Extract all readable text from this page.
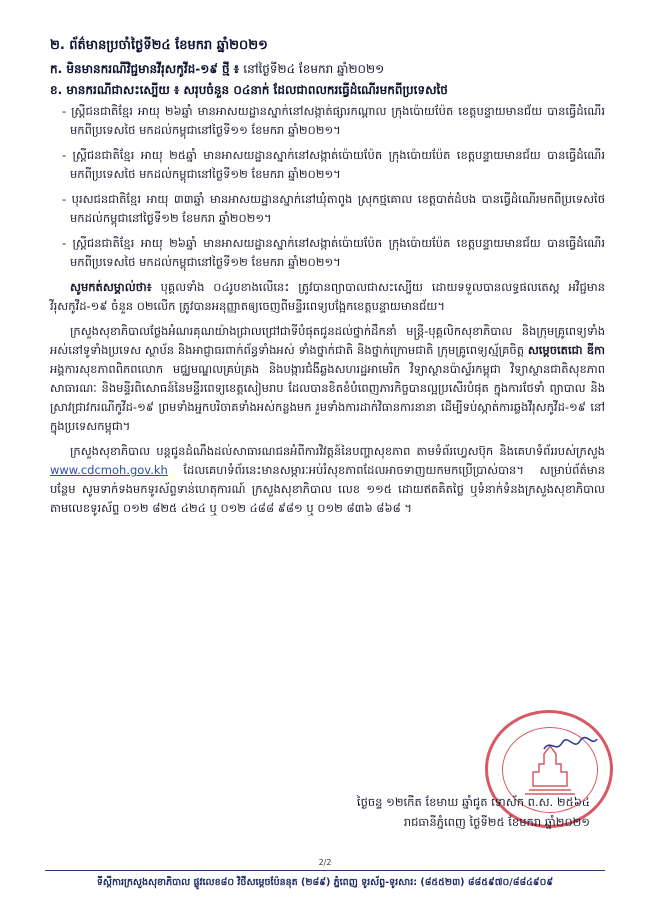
២. ព័ត៌មានប្រចាំថ្ងៃទី២៤ ខែមករា ឆ្នាំ២០២១
ក. មិនមានករណីវិជ្ជមានវីរុសកូវីដ-១៩ ថ្មី ៖ នៅថ្ងៃទី២៤ ខែមករា ឆ្នាំ២០២១
ខ. មានករណីជាសះស្បើយ ៖ សរុបចំនួន ០៤នាក់ ដែលជាពលករធ្វើដំណើរមកពីប្រទេសថៃ
- ស្ត្រីជនជាតិខ្មែរ អាយុ ២៦ឆ្នាំ មានអាសយដ្ឋានស្នាក់នៅសង្កាត់ផ្សារកណ្ដាល ក្រុងប៉ោយប៉ែត ខេត្តបន្ទាយមានជ័យ បានធ្វើដំណើរមកពីប្រទេសថៃ មកដល់កម្ពុជានៅថ្ងៃទី១១ ខែមករា ឆ្នាំ២០២១។
- ស្ត្រីជនជាតិខ្មែរ អាយុ ២៥ឆ្នាំ មានអាសយដ្ឋានស្នាក់នៅសង្កាត់ប៉ោយប៉ែត ក្រុងប៉ោយប៉ែត ខេត្តបន្ទាយមានជ័យ បានធ្វើដំណើរមកពីប្រទេសថៃ មកដល់កម្ពុជានៅថ្ងៃទី១២ ខែមករា ឆ្នាំ២០២១។
- បុរសជនជាតិខ្មែរ អាយុ ៣៣ឆ្នាំ មានអាសយដ្ឋានស្នាក់នៅឃុំតាពូង ស្រុកថ្មគោល ខេត្តបាត់ដំបង បានធ្វើដំណើរមកពីប្រទេសថៃ មកដល់កម្ពុជានៅថ្ងៃទី១២ ខែមករា ឆ្នាំ២០២១។
- ស្ត្រីជនជាតិខ្មែរ អាយុ ២៦ឆ្នាំ មានអាសយដ្ឋានស្នាក់នៅសង្កាត់ប៉ោយប៉ែត ក្រុងប៉ោយប៉ែត ខេត្តបន្ទាយមានជ័យ បានធ្វើដំណើរមកពីប្រទេសថៃ មកដល់កម្ពុជានៅថ្ងៃទី១២ ខែមករា ឆ្នាំ២០២១។
សូមកត់សម្គាល់ថា៖ បុគ្គលទាំង ០៤រូបខាងលើនេះ ត្រូវបានព្យាបាលជាសះស្បើយ ដោយទទួលបានលទ្ធផលតេស្ដ អវិជ្ជមានវីរុសកូវីដ-១៩ ចំនួន ០២លើក ត្រូវបានអនុញ្ញាតឲ្យចេញពីមន្ទីរពេទ្យបង្អែកខេត្តបន្ទាយមានជ័យ។
ក្រសួងសុខាភិបាលថ្លែងអំណរគុណយ៉ាងជ្រាលជ្រៅជាទីបំផុតជូនដល់ថ្នាក់ដឹកនាំ មន្ត្រី-បុគ្គលិកសុខាភិបាល និងក្រុមគ្រូពេទ្យទាំងអស់នៅទូទាំងប្រទេស ស្ថាប័ន និងអាជ្ញាធរពាក់ព័ន្ធទាំងអស់ ទាំងថ្នាក់ជាតិ និងថ្នាក់ក្រោមជាតិ ក្រុមគ្រូពេទ្យស្ម័គ្រចិត្ត សម្ដេចតេជោ ឌីកា អង្គការសុខភាពពិភពលោក មជ្ឈមណ្ឌលគ្រប់គ្រង និងបង្ការជំងឺឆ្លងសហរដ្ឋអាមេរិក វិទ្យាស្ថានប៉ាស្ទ័រកម្ពុជា វិទ្យាស្ថានជាតិសុខភាពសាធារណៈ និងមន្ទីរពិសោធន៍នៃមន្ទីរពេទ្យខេត្តសៀមរាប ដែលបានខិតខំបំពេញភារកិច្ចបានល្អប្រសើរបំផុត ក្នុងការថែទាំ ព្យាបាល និងស្រាវជ្រាវករណីកូវីដ-១៩ ព្រមទាំងអ្នកបរិចាគទាំងអស់កន្លងមក រួមទាំងការដាក់វិធានការនានា ដើម្បីទប់ស្កាត់ការឆ្លងវីរុសកូវីដ-១៩ នៅក្នុងប្រទេសកម្ពុជា។
ក្រសួងសុខាភិបាល បន្តជូនដំណឹងដល់សាធារណជនអំពីការវិវត្តន៍នៃបញ្ហាសុខភាព តាមទំព័រហ្វេសប៊ុក និងគេហទំព័ររបស់ក្រសួង www.cdcmoh.gov.kh ដែលគេហទំព័រនេះមានសម្ភារៈអប់រំសុខភាពដែលអាចទាញយកមកប្រើប្រាស់បាន។ សម្រាប់ព័ត៌មានបន្ថែម សូមទាក់ទងមកទូរស័ព្ទទាន់ហេតុការណ៍ ក្រសួងសុខាភិបាល លេខ ១១៥ ដោយឥតគិតថ្លៃ ឬទំនាក់ទំនងក្រសួងសុខាភិបាល តាមលេខទូរស័ព្ទ ០១២ ៨២៥ ៤២៤ ឬ ០១២ ៤៨៨ ៩៨១ ឬ ០១២ ៨៣៦ ៨៦៨ ។
ថ្ងៃចន្ទ ១២កើត ខែមាឃ ឆ្នាំជូត ទោស័ក ព.ស. ២៥៦៤
រាជធានីភ្នំពេញ ថ្ងៃទី២៥ ខែមករា ឆ្នាំ២០២១
2/2
ទីស្តីការក្រសួងសុខាភិបាល ផ្លូវលេខ៨០ វិថីសម្តេចប៉ែននុត (២៨៩) ភ្នំពេញ ទូរស័ព្ទ-ទូរសារ: (៨៥៥២៣) ៨៨៥៩៧០/៨៨៤៩០៩
